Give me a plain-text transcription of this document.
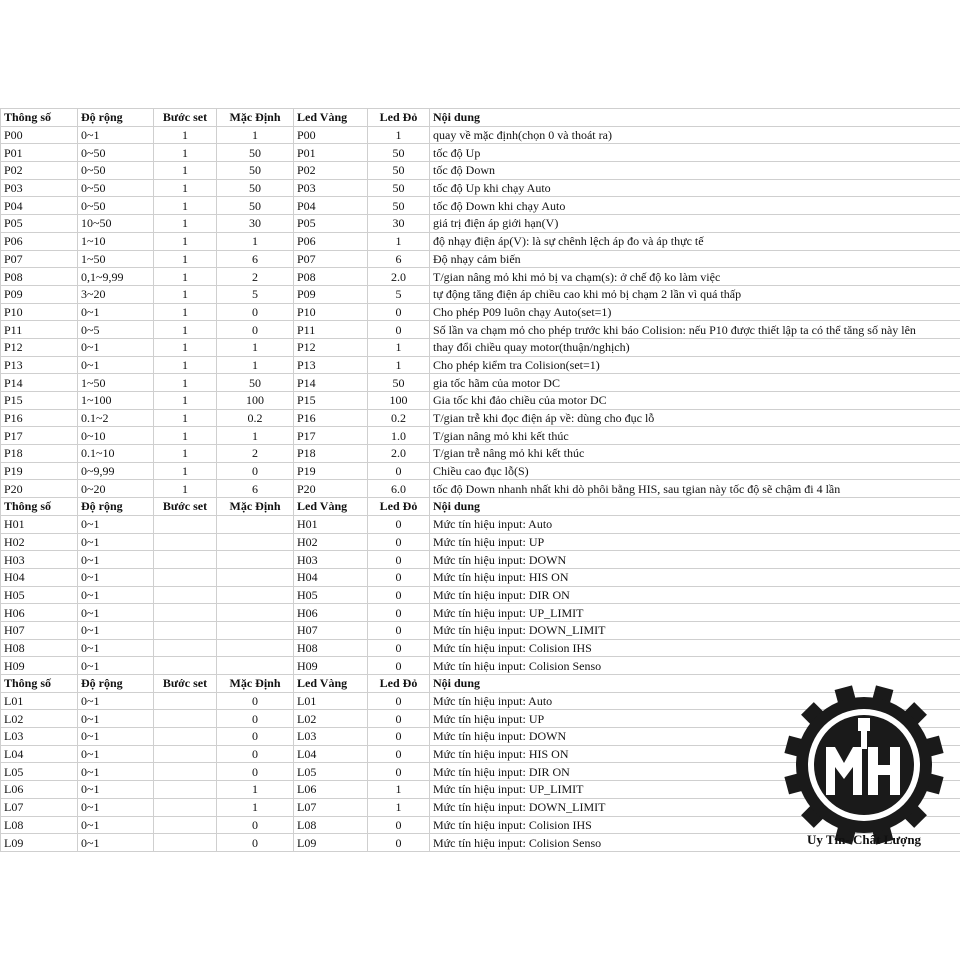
Thông số	Độ rộng	Bước set	Mặc Định	Led Vàng	Led Đỏ	Nội dung
P00	0~1	1	1	P00	1	quay về mặc định(chọn 0 và thoát ra)
P01	0~50	1	50	P01	50	tốc độ Up
P02	0~50	1	50	P02	50	tốc độ Down
P03	0~50	1	50	P03	50	tốc độ Up khi chạy Auto
P04	0~50	1	50	P04	50	tốc độ Down khi chạy Auto
P05	10~50	1	30	P05	30	giá trị điện áp giới hạn(V)
P06	1~10	1	1	P06	1	độ nhạy điện áp(V): là sự chênh lệch áp đo và áp thực tế
P07	1~50	1	6	P07	6	Độ nhạy cảm biến
P08	0,1~9,99	1	2	P08	2.0	T/gian nâng mỏ khi mỏ bị va chạm(s): ở chế độ ko làm việc
P09	3~20	1	5	P09	5	tự động tăng điện áp chiều cao khi mỏ bị chạm 2 lần vì quá thấp
P10	0~1	1	0	P10	0	Cho phép P09 luôn chạy Auto(set=1)
P11	0~5	1	0	P11	0	Số lần va chạm mỏ cho phép trước khi báo Colision: nếu P10 được thiết lập ta có thể tăng số này lên
P12	0~1	1	1	P12	1	thay đổi chiều quay motor(thuận/nghịch)
P13	0~1	1	1	P13	1	Cho phép kiểm tra Colision(set=1)
P14	1~50	1	50	P14	50	gia tốc hãm của motor DC
P15	1~100	1	100	P15	100	Gia tốc khi đảo chiều của motor DC
P16	0.1~2	1	0.2	P16	0.2	T/gian trễ khi đọc điện áp về: dùng cho đục lỗ
P17	0~10	1	1	P17	1.0	T/gian nâng mỏ khi kết thúc
P18	0.1~10	1	2	P18	2.0	T/gian trễ nâng mỏ khi kết thúc
P19	0~9,99	1	0	P19	0	Chiều cao đục lỗ(S)
P20	0~20	1	6	P20	6.0	tốc độ Down nhanh nhất khi dò phôi bằng HIS, sau tgian này tốc độ sẽ chậm đi 4 lần
Thông số	Độ rộng	Bước set	Mặc Định	Led Vàng	Led Đỏ	Nội dung
H01	0~1			H01	0	Mức tín hiệu input: Auto
H02	0~1			H02	0	Mức tín hiệu input: UP
H03	0~1			H03	0	Mức tín hiệu input: DOWN
H04	0~1			H04	0	Mức tín hiệu input: HIS ON
H05	0~1			H05	0	Mức tín hiệu input: DIR ON
H06	0~1			H06	0	Mức tín hiệu input: UP_LIMIT
H07	0~1			H07	0	Mức tín hiệu input: DOWN_LIMIT
H08	0~1			H08	0	Mức tín hiệu input: Colision IHS
H09	0~1			H09	0	Mức tín hiệu input: Colision Senso
Thông số	Độ rộng	Bước set	Mặc Định	Led Vàng	Led Đỏ	Nội dung
L01	0~1		0	L01	0	Mức tín hiệu input: Auto
L02	0~1		0	L02	0	Mức tín hiệu input: UP
L03	0~1		0	L03	0	Mức tín hiệu input: DOWN
L04	0~1		0	L04	0	Mức tín hiệu input: HIS ON
L05	0~1		0	L05	0	Mức tín hiệu input: DIR ON
L06	0~1		1	L06	1	Mức tín hiệu input: UP_LIMIT
L07	0~1		1	L07	1	Mức tín hiệu input: DOWN_LIMIT
L08	0~1		0	L08	0	Mức tín hiệu input: Colision IHS
L09	0~1		0	L09	0	Mức tín hiệu input: Colision Senso	Uy Tín- Chất Lượng
